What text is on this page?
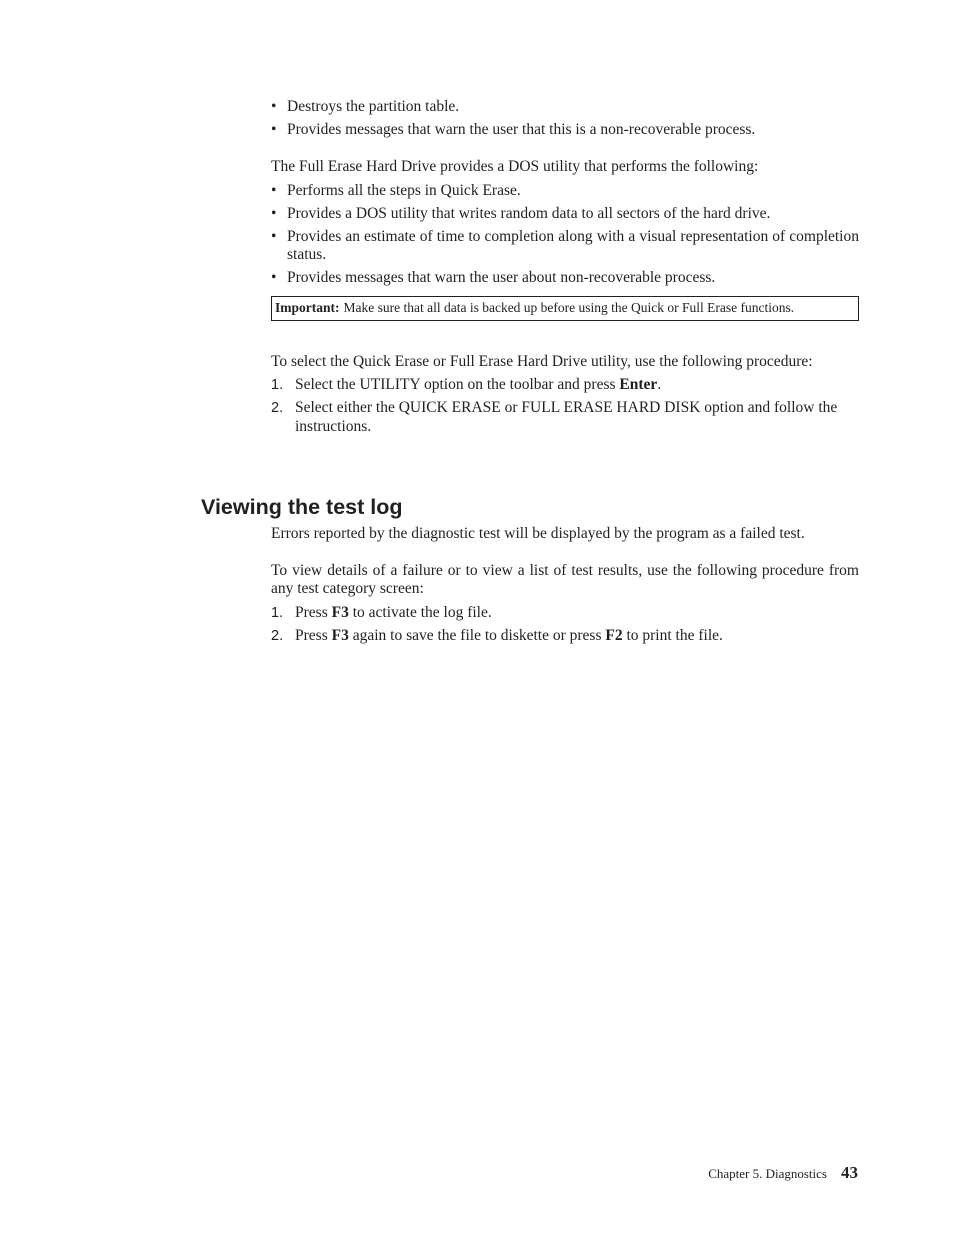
• Destroys the partition table.
• Provides messages that warn the user that this is a non-recoverable process.

The Full Erase Hard Drive provides a DOS utility that performs the following:

• Performs all the steps in Quick Erase.
• Provides a DOS utility that writes random data to all sectors of the hard drive.
• Provides an estimate of time to completion along with a visual representation of completion status.
• Provides messages that warn the user about non-recoverable process.
Important: Make sure that all data is backed up before using the Quick or Full Erase functions.

To select the Quick Erase or Full Erase Hard Drive utility, use the following procedure:

1. Select the UTILITY option on the toolbar and press Enter.
2. Select either the QUICK ERASE or FULL ERASE HARD DISK option and follow the instructions.
Viewing the test log

Errors reported by the diagnostic test will be displayed by the program as a failed test.

To view details of a failure or to view a list of test results, use the following procedure from any test category screen:

1. Press F3 to activate the log file.
2. Press F3 again to save the file to diskette or press F2 to print the file.
Chapter 5. Diagnostics 43
